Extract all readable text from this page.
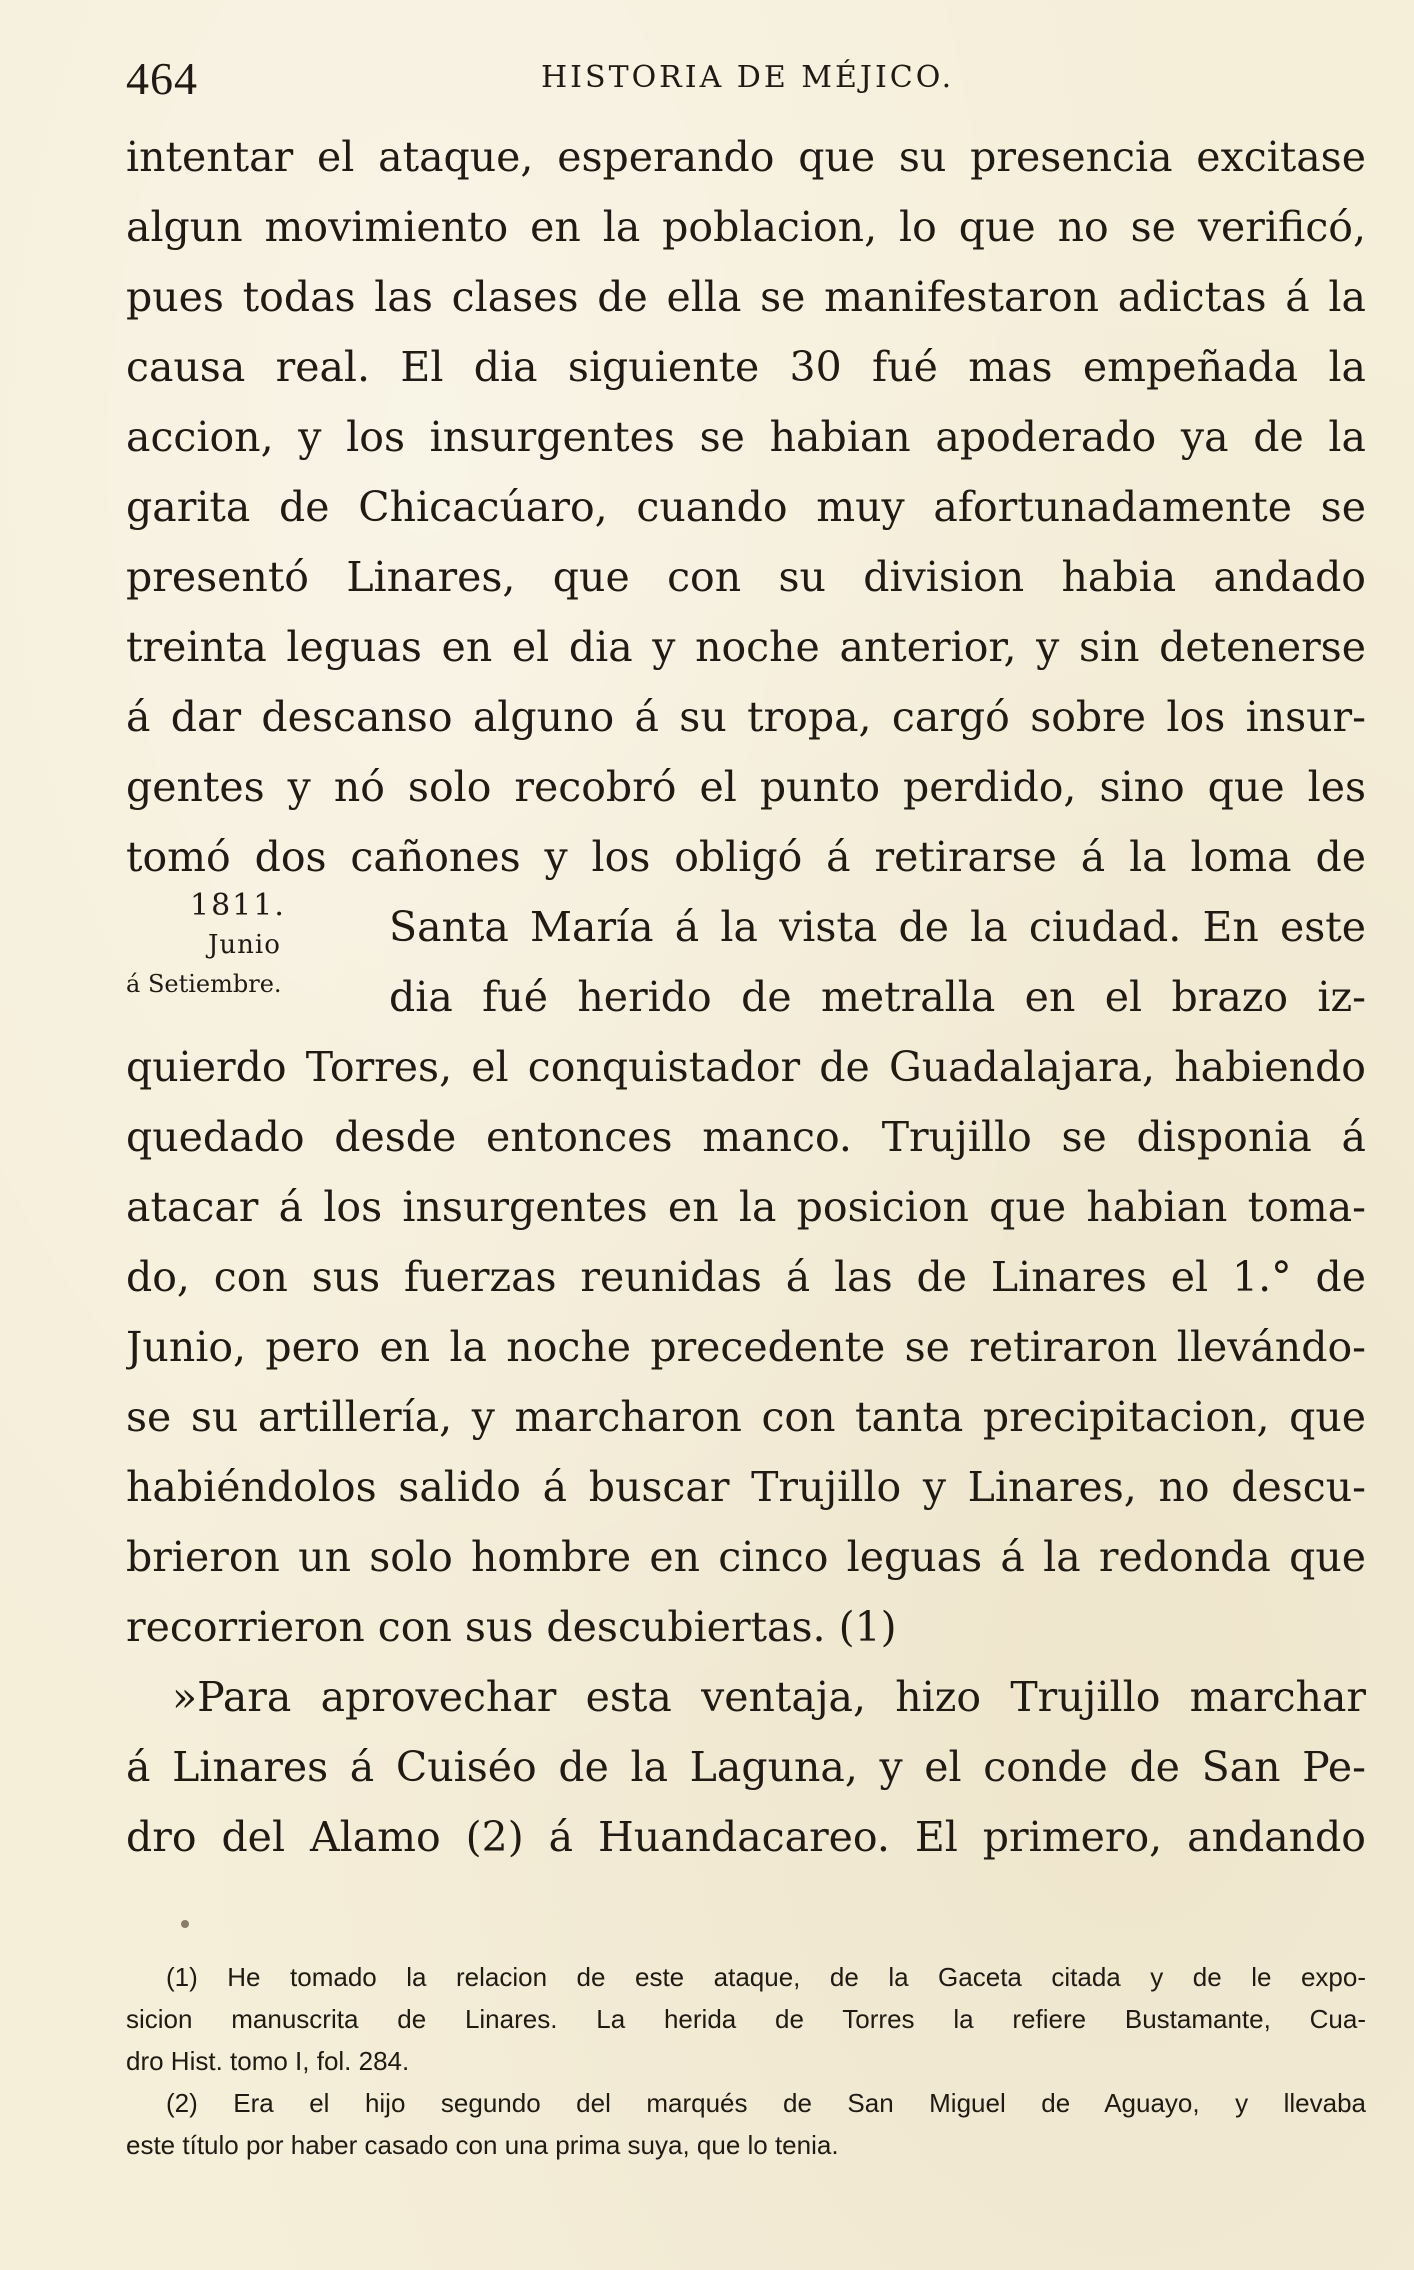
464	HISTORIA DE MÉJICO.
intentar el ataque, esperando que su presencia excitase
algun movimiento en la poblacion, lo que no se verificó,
pues todas las clases de ella se manifestaron adictas á la
causa real. El dia siguiente 30 fué mas empeñada la
accion, y los insurgentes se habian apoderado ya de la
garita de Chicacúaro, cuando muy afortunadamente se
presentó Linares, que con su division habia andado
treinta leguas en el dia y noche anterior, y sin detenerse
á dar descanso alguno á su tropa, cargó sobre los insur-
gentes y nó solo recobró el punto perdido, sino que les
tomó dos cañones y los obligó á retirarse á la loma de
Santa María á la vista de la ciudad. En este
dia fué herido de metralla en el brazo iz-
quierdo Torres, el conquistador de Guadalajara, habiendo
quedado desde entonces manco. Trujillo se disponia á
atacar á los insurgentes en la posicion que habian toma-
do, con sus fuerzas reunidas á las de Linares el 1.° de
Junio, pero en la noche precedente se retiraron llevándo-
se su artillería, y marcharon con tanta precipitacion, que
habiéndolos salido á buscar Trujillo y Linares, no descu-
brieron un solo hombre en cinco leguas á la redonda que
recorrieron con sus descubiertas. (1)
»Para aprovechar esta ventaja, hizo Trujillo marchar
á Linares á Cuiséo de la Laguna, y el conde de San Pe-
dro del Alamo (2) á Huandacareo. El primero, andando
1811.
Junio
á Setiembre.
(1) He tomado la relacion de este ataque, de la Gaceta citada y de le expo-
sicion manuscrita de Linares. La herida de Torres la refiere Bustamante, Cua-
dro Hist. tomo I, fol. 284.
(2) Era el hijo segundo del marqués de San Miguel de Aguayo, y llevaba
este título por haber casado con una prima suya, que lo tenia.
